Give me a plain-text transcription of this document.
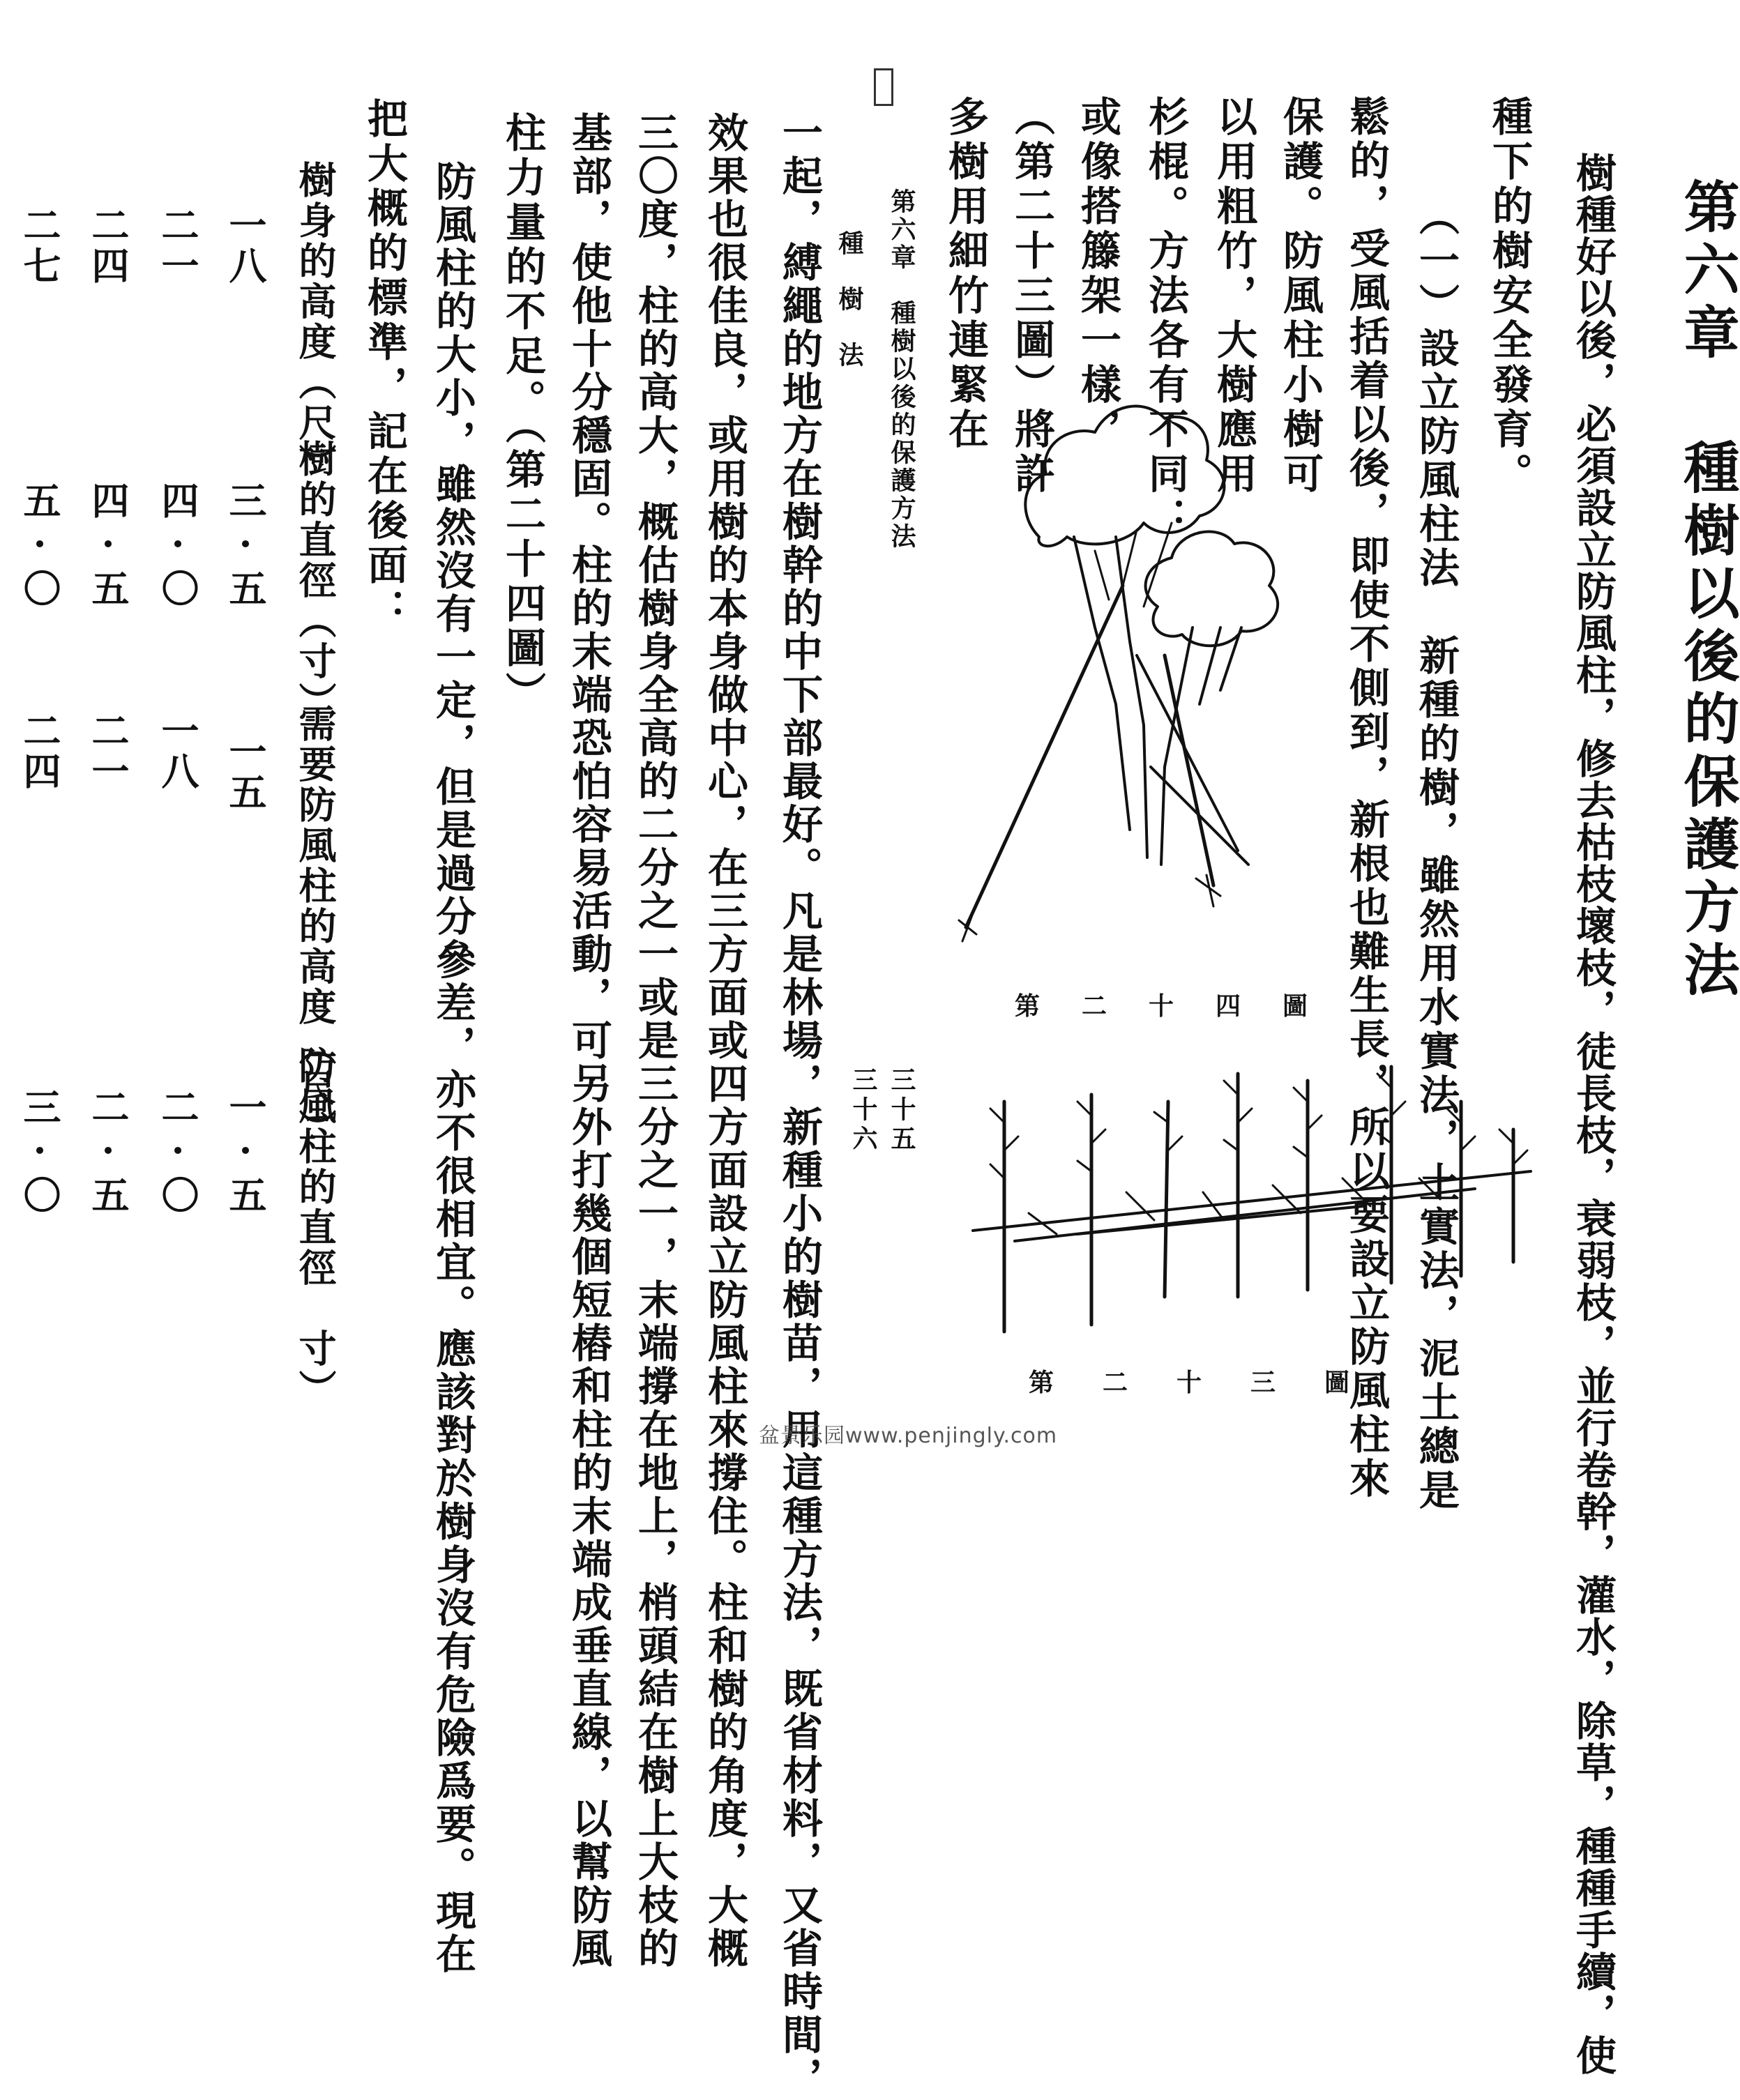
第六章 種樹以後的保護方法
樹種好以後，必須設立防風柱，修去枯枝壞枝，徒長枝，衰弱枝，並行卷幹，灌水，除草，種種手續，使
種下的樹安全發育。
（一）設立防風柱法　新種的樹，雖然用水實法，土實法，泥土總是
鬆的，受風括着以後，即使不側到，新根也難生長，所以要設立防風柱來
保護。防風柱小樹可
以用粗竹，大樹應用
杉棍。方法各有不同：
或像搭籐架一樣，
（第二十三圖）將許
多樹用細竹連緊在
第二十四圖
第二十三圖
三十五
三十六
第六章　種樹以後的保護方法
種　樹　法
一起，縛繩的地方在樹幹的中下部最好。凡是林場，新種小的樹苗，用這種方法，既省材料，又省時間，
效果也很佳良，或用樹的本身做中心，在三方面或四方面設立防風柱來撐住。柱和樹的角度，大概
三〇度，柱的高大，概估樹身全高的二分之一或是三分之一，末端撐在地上，梢頭結在樹上大枝的
基部，使他十分穩固。柱的末端恐怕容易活動，可另外打幾個短樁和柱的末端成垂直線，以幫防風
柱力量的不足。（第二十四圖）
防風柱的大小，雖然沒有一定，但是過分參差，亦不很相宜。應該對於樹身沒有危險爲要。現在
把大概的標準，記在後面：
樹身的高度（尺）
樹的直徑（寸）
需要防風柱的高度（尺）
防風柱的直徑　寸）
一八
三·五
一五
一·五
二一
四·〇
一八
二·〇
二四
四·五
二一
二·五
二七
五·〇
二四
三·〇
盆景乐园www.penjingly.com
